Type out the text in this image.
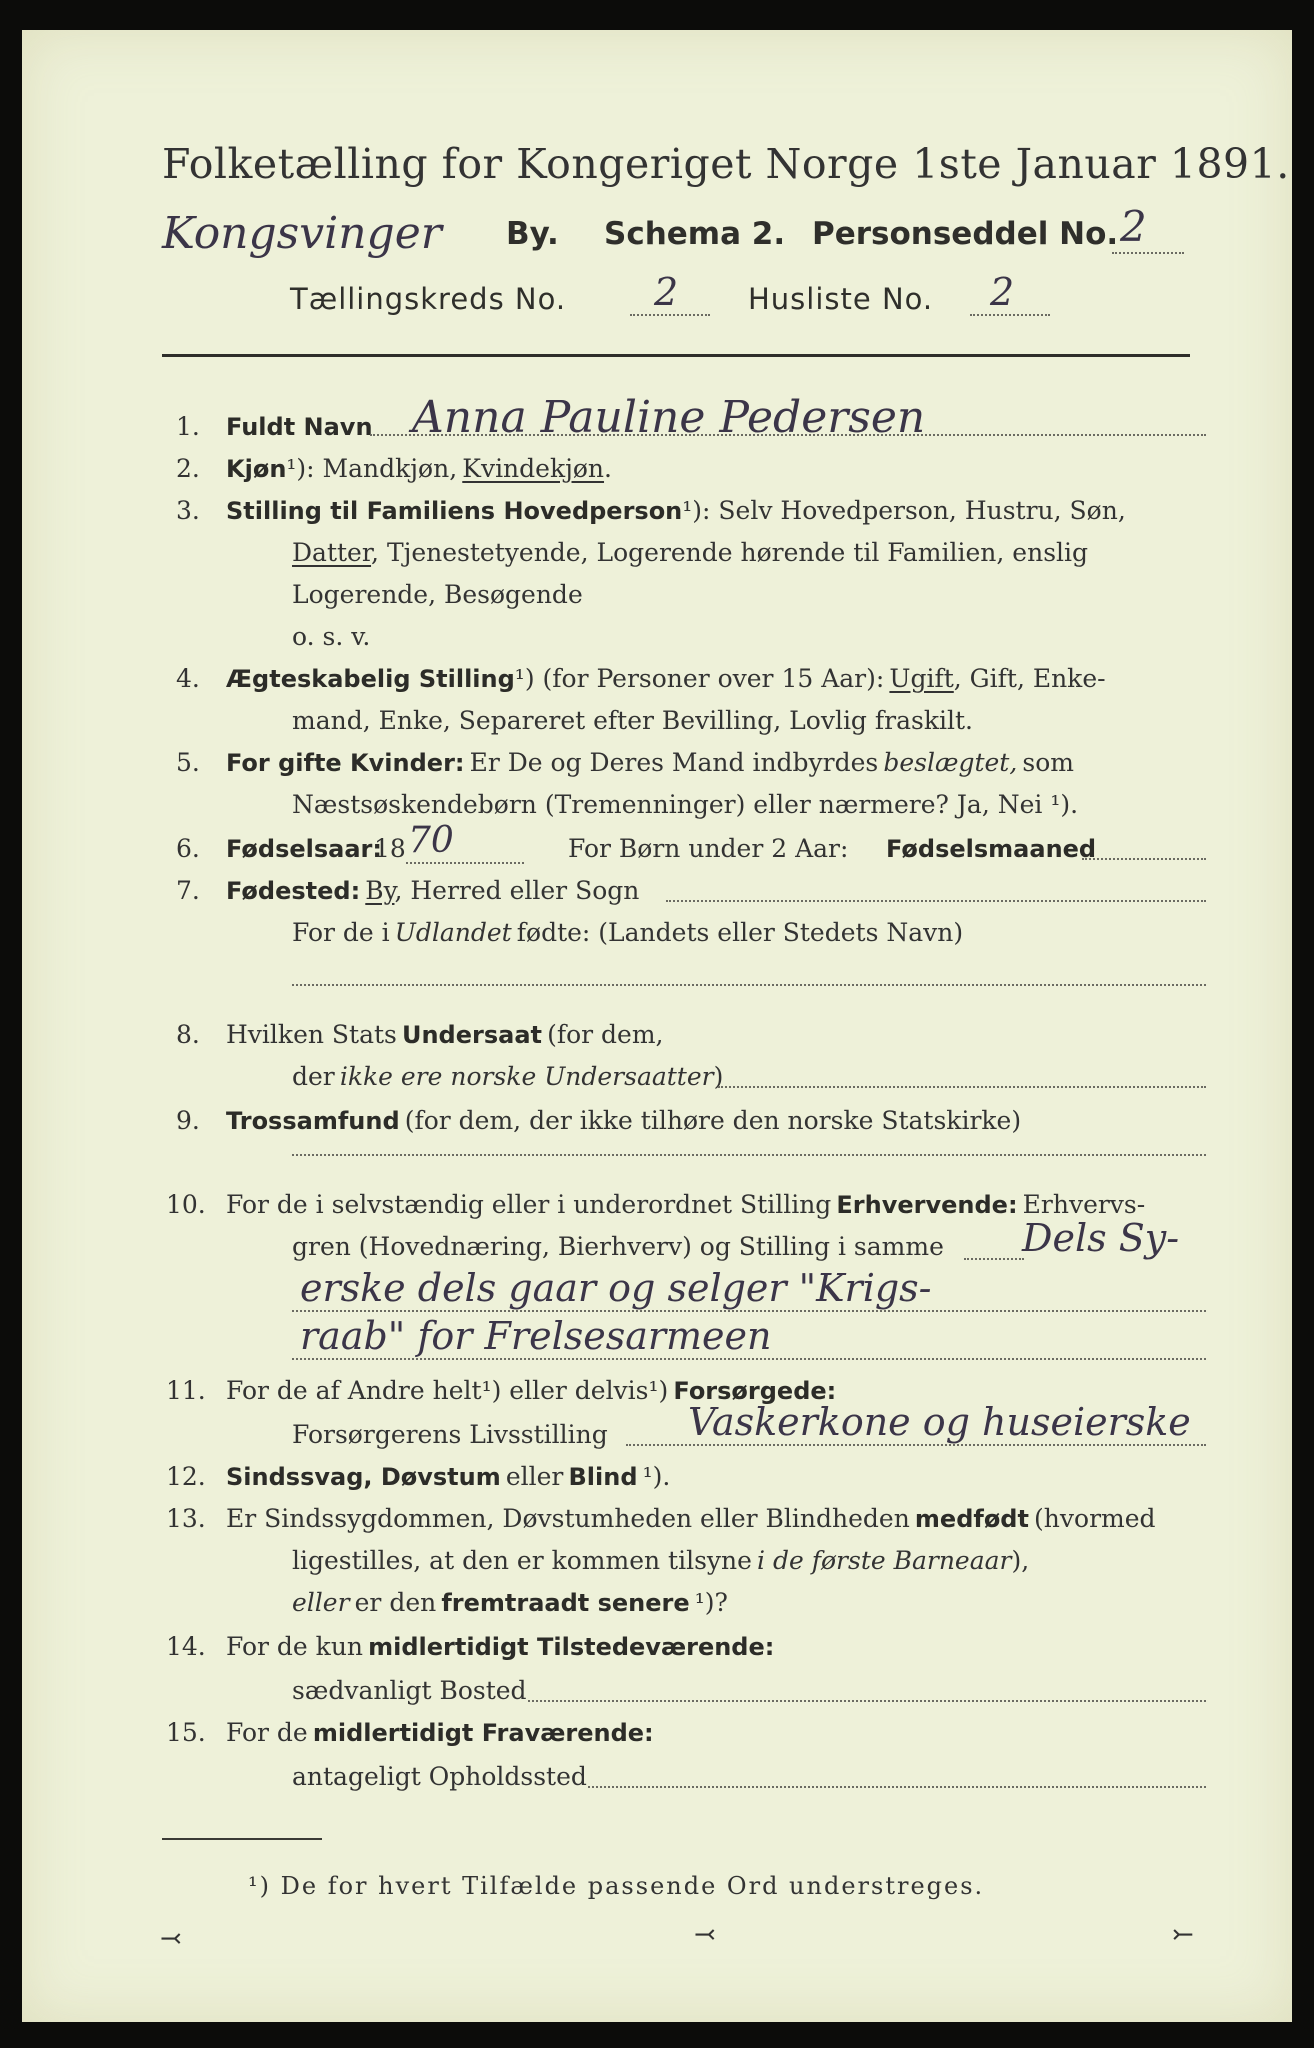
Folketælling for Kongeriget Norge 1ste Januar 1891.
Kongsvinger By. Schema 2. Personseddel No. 2
Tællingskreds No. 2 Husliste No. 2
1. Fuldt Navn Anna Pauline Pedersen
2. Kjøn¹): Mandkjøn, Kvindekjøn.
3. Stilling til Familiens Hovedperson¹): Selv Hovedperson, Hustru, Søn,
Datter, Tjenestetyende, Logerende hørende til Familien, enslig
Logerende, Besøgende
o. s. v.
4. Ægteskabelig Stilling¹) (for Personer over 15 Aar): Ugift, Gift, Enke-
mand, Enke, Separeret efter Bevilling, Lovlig fraskilt.
5. For gifte Kvinder: Er De og Deres Mand indbyrdes beslægtet, som
Næstsøskendebørn (Tremenninger) eller nærmere? Ja, Nei ¹).
6. Fødselsaar:
18 70	For Børn under 2 Aar: Fødselsmaaned
7. Fødested: By, Herred eller Sogn
For de i Udlandet fødte: (Landets eller Stedets Navn)
8. Hvilken Stats Undersaat (for dem,
der ikke ere norske Undersaatter)
9. Trossamfund (for dem, der ikke tilhøre den norske Statskirke)
10. For de i selvstændig eller i underordnet Stilling Erhvervende: Erhvervs-
gren (Hovednæring, Bierhverv) og Stilling i samme Dels Sy-
erske dels gaar og selger "Krigs-
raab" for Frelsesarmeen
11. For de af Andre helt¹) eller delvis¹) Forsørgede:
Forsørgerens Livsstilling Vaskerkone og huseierske
12. Sindssvag, Døvstum eller Blind ¹).
13. Er Sindssygdommen, Døvstumheden eller Blindheden medfødt (hvormed
ligestilles, at den er kommen tilsyne i de første Barneaar),
eller er den fremtraadt senere ¹)?
14. For de kun midlertidigt Tilstedeværende:
sædvanligt Bosted
15. For de midlertidigt Fraværende:
antageligt Opholdssted
¹) De for hvert Tilfælde passende Ord understreges.
⤙	⤙	⤚
